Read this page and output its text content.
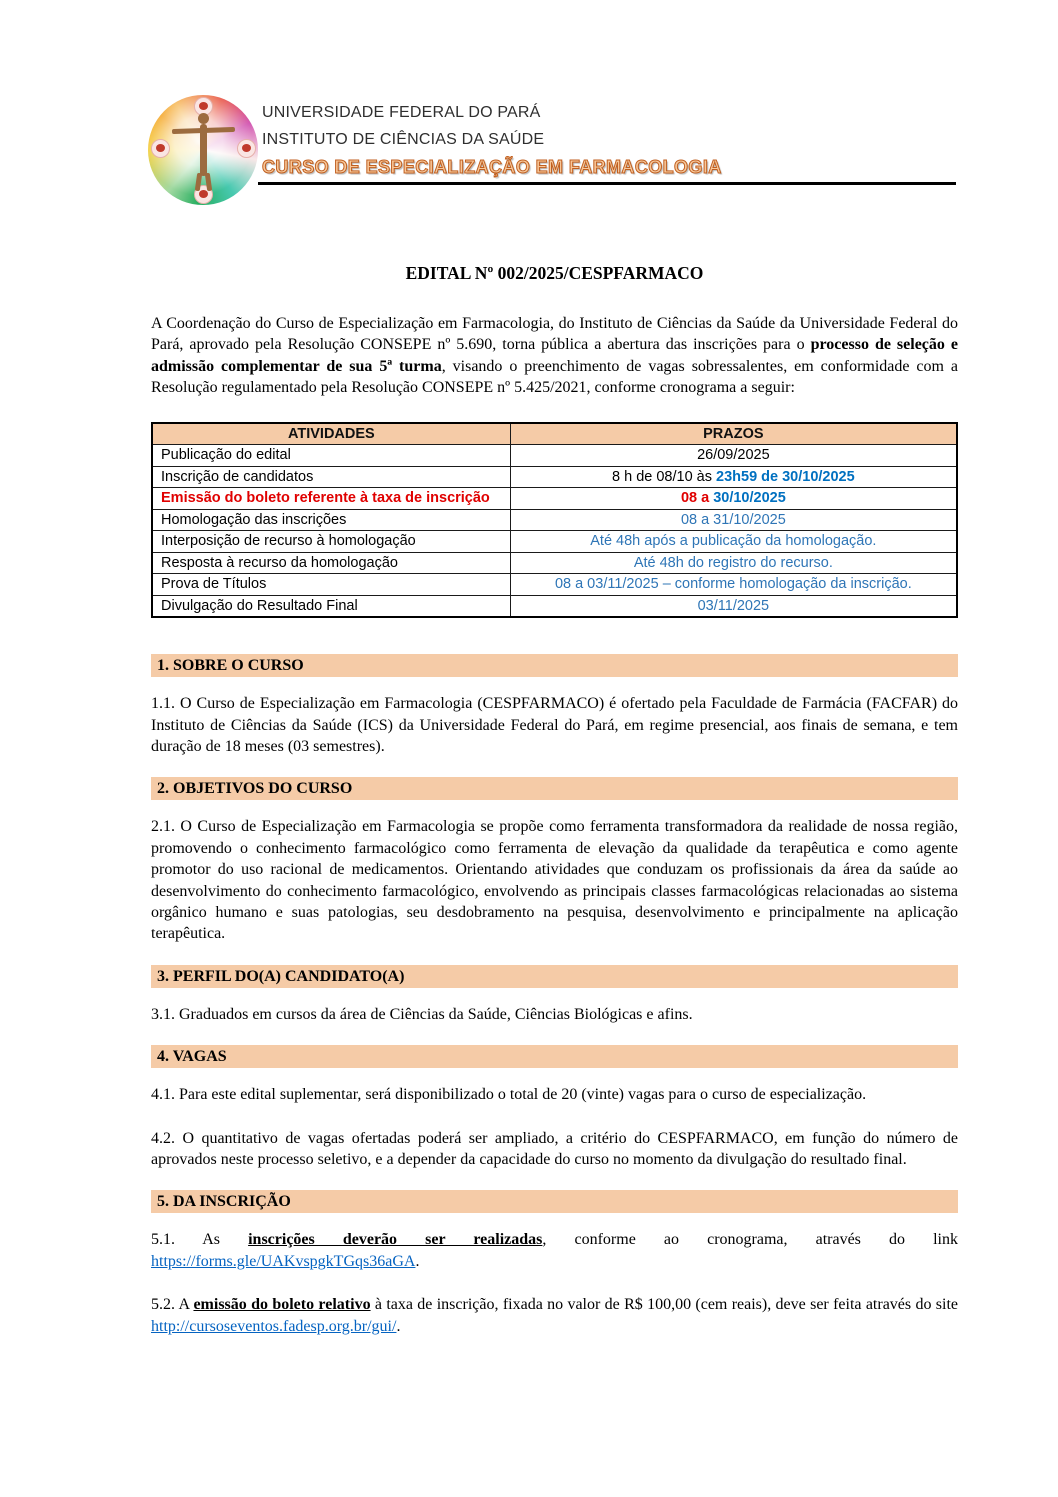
UNIVERSIDADE FEDERAL DO PARÁ
INSTITUTO DE CIÊNCIAS DA SAÚDE
CURSO DE ESPECIALIZAÇÃO EM FARMACOLOGIA

EDITAL Nº 002/2025/CESPFARMACO

A Coordenação do Curso de Especialização em Farmacologia, do Instituto de Ciências da Saúde da Universidade Federal do Pará, aprovado pela Resolução CONSEPE nº 5.690, torna pública a abertura das inscrições para o processo de seleção e admissão complementar de sua 5ª turma, visando o preenchimento de vagas sobressalentes, em conformidade com a Resolução regulamentado pela Resolução CONSEPE nº 5.425/2021, conforme cronograma a seguir:

ATIVIDADES	PRAZOS
Publicação do edital	26/09/2025
Inscrição de candidatos	8 h de 08/10 às 23h59 de 30/10/2025
Emissão do boleto referente à taxa de inscrição	08 a 30/10/2025
Homologação das inscrições	08 a 31/10/2025
Interposição de recurso à homologação	Até 48h após a publicação da homologação.
Resposta à recurso da homologação	Até 48h do registro do recurso.
Prova de Títulos	08 a 03/11/2025 – conforme homologação da inscrição.
Divulgação do Resultado Final	03/11/2025

1. SOBRE O CURSO

1.1. O Curso de Especialização em Farmacologia (CESPFARMACO) é ofertado pela Faculdade de Farmácia (FACFAR) do Instituto de Ciências da Saúde (ICS) da Universidade Federal do Pará, em regime presencial, aos finais de semana, e tem duração de 18 meses (03 semestres).

2. OBJETIVOS DO CURSO

2.1. O Curso de Especialização em Farmacologia se propõe como ferramenta transformadora da realidade de nossa região, promovendo o conhecimento farmacológico como ferramenta de elevação da qualidade da terapêutica e como agente promotor do uso racional de medicamentos. Orientando atividades que conduzam os profissionais da área da saúde ao desenvolvimento do conhecimento farmacológico, envolvendo as principais classes farmacológicas relacionadas ao sistema orgânico humano e suas patologias, seu desdobramento na pesquisa, desenvolvimento e principalmente na aplicação terapêutica.

3. PERFIL DO(A) CANDIDATO(A)

3.1. Graduados em cursos da área de Ciências da Saúde, Ciências Biológicas e afins.

4. VAGAS

4.1. Para este edital suplementar, será disponibilizado o total de 20 (vinte) vagas para o curso de especialização.

4.2. O quantitativo de vagas ofertadas poderá ser ampliado, a critério do CESPFARMACO, em função do número de aprovados neste processo seletivo, e a depender da capacidade do curso no momento da divulgação do resultado final.

5. DA INSCRIÇÃO

5.1. As inscrições deverão ser realizadas, conforme ao cronograma, através do link https://forms.gle/UAKvspgkTGqs36aGA.

5.2. A emissão do boleto relativo à taxa de inscrição, fixada no valor de R$ 100,00 (cem reais), deve ser feita através do site http://cursoseventos.fadesp.org.br/gui/.
